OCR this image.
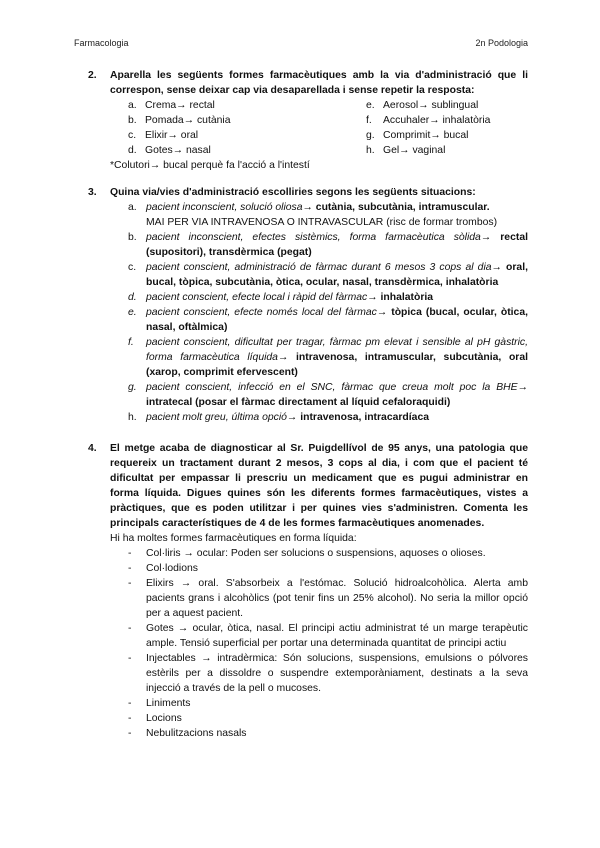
Farmacologia	2n Podologia
2. Aparella les següents formes farmacèutiques amb la via d'administració que li correspon, sense deixar cap via desaparellada i sense repetir la resposta:
a. Crema→ rectal	e. Aerosol→ sublingual
b. Pomada→ cutània	f. Accuhaler→ inhalatòria
c. Elixir→ oral	g. Comprimit→ bucal
d. Gotes→ nasal	h. Gel→ vaginal
*Colutori→ bucal perquè fa l'acció a l'intestí
3. Quina via/vies d'administració escolliries segons les següents situacions:
a. pacient inconscient, solució oliosa→ cutània, subcutània, intramuscular.
MAI PER VIA INTRAVENOSA O INTRAVASCULAR (risc de formar trombos)
b. pacient inconscient, efectes sistèmics, forma farmacèutica sòlida→ rectal (supositori), transdèrmica (pegat)
c. pacient conscient, administració de fàrmac durant 6 mesos 3 cops al dia→ oral, bucal, tòpica, subcutània, òtica, ocular, nasal, transdèrmica, inhalatòria
d. pacient conscient, efecte local i ràpid del fàrmac→ inhalatòria
e. pacient conscient, efecte només local del fàrmac→ tòpica (bucal, ocular, òtica, nasal, oftàlmica)
f. pacient conscient, dificultat per tragar, fàrmac pm elevat i sensible al pH gàstric, forma farmacèutica líquida→ intravenosa, intramuscular, subcutània, oral (xarop, comprimit efervescent)
g. pacient conscient, infecció en el SNC, fàrmac que creua molt poc la BHE→ intratecal (posar el fàrmac directament al líquid cefaloraquidi)
h. pacient molt greu, última opció→ intravenosa, intracardíaca
4. El metge acaba de diagnosticar al Sr. Puigdellívol de 95 anys, una patologia que requereix un tractament durant 2 mesos, 3 cops al dia, i com que el pacient té dificultat per empassar li prescriu un medicament que es pugui administrar en forma líquida. Digues quines són les diferents formes farmacèutiques, vistes a pràctiques, que es poden utilitzar i per quines vies s'administren. Comenta les principals característiques de 4 de les formes farmacèutiques anomenades.
Hi ha moltes formes farmacèutiques en forma líquida:
- Col·liris → ocular: Poden ser solucions o suspensions, aquoses o olioses.
- Col·lodions
- Elixirs → oral. S'absorbeix a l'estómac. Solució hidroalcohòlica. Alerta amb pacients grans i alcohòlics (pot tenir fins un 25% alcohol). No seria la millor opció per a aquest pacient.
- Gotes → ocular, òtica, nasal. El principi actiu administrat té un marge terapèutic ample. Tensió superficial per portar una determinada quantitat de principi actiu
- Injectables → intradèrmica: Són solucions, suspensions, emulsions o pólvores estèrils per a dissoldre o suspendre extemporàniament, destinats a la seva injecció a través de la pell o mucoses.
- Liniments
- Locions
- Nebulitzacions nasals
